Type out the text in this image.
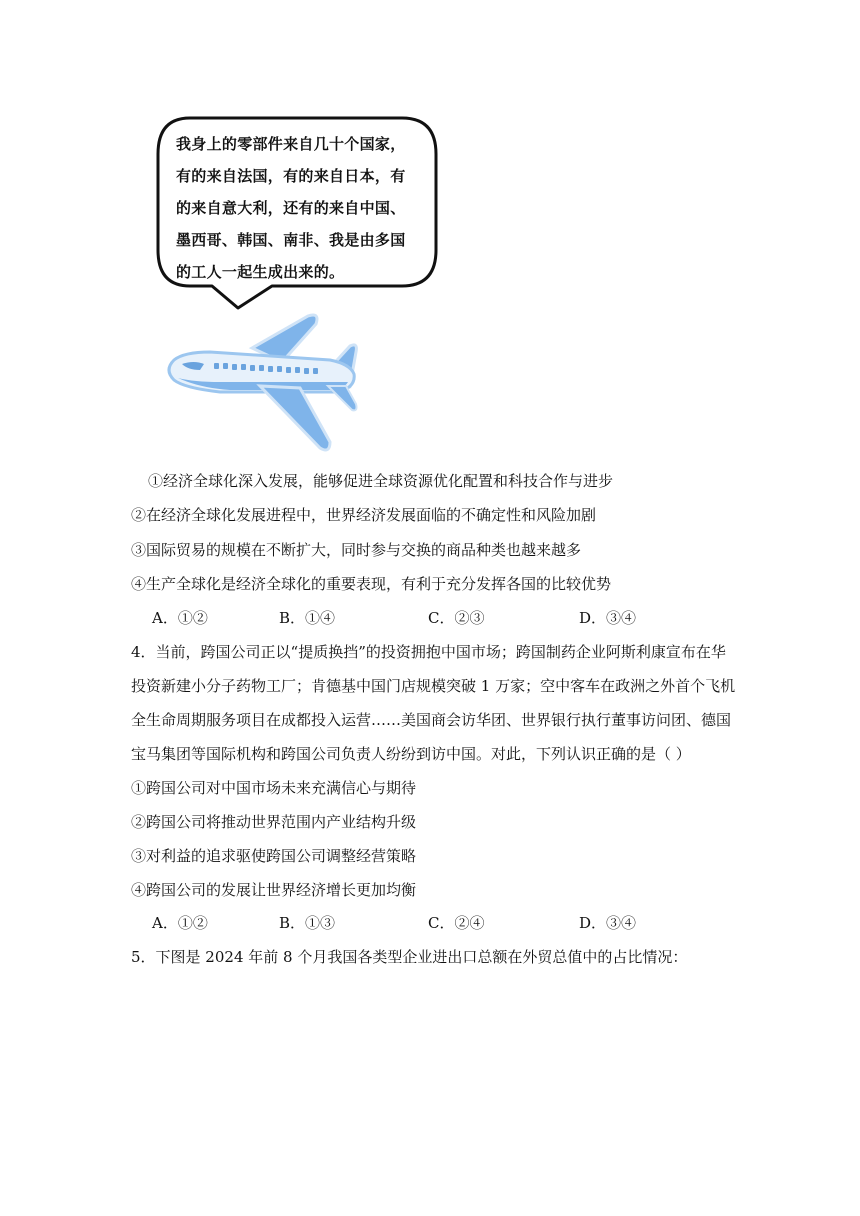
我身上的零部件来自几十个国家，
有的来自法国，有的来自日本，有
的来自意大利，还有的来自中国、
墨西哥、韩国、南非、我是由多国
的工人一起生成出来的。
①经济全球化深入发展，能够促进全球资源优化配置和科技合作与进步
②在经济全球化发展进程中，世界经济发展面临的不确定性和风险加剧
③国际贸易的规模在不断扩大，同时参与交换的商品种类也越来越多
④生产全球化是经济全球化的重要表现，有利于充分发挥各国的比较优势
A．①②	B．①④	C．②③	D．③④
4．当前，跨国公司正以“提质换挡”的投资拥抱中国市场；跨国制药企业阿斯利康宣布在华
投资新建小分子药物工厂；肯德基中国门店规模突破 1 万家；空中客车在政洲之外首个飞机
全生命周期服务项目在成都投入运营……美国商会访华团、世界银行执行董事访问团、德国
宝马集团等国际机构和跨国公司负责人纷纷到访中国。对此，下列认识正确的是（ ）
①跨国公司对中国市场未来充满信心与期待
②跨国公司将推动世界范围内产业结构升级
③对利益的追求驱使跨国公司调整经营策略
④跨国公司的发展让世界经济增长更加均衡
A．①②	B．①③	C．②④	D．③④
5．下图是 2024 年前 8 个月我国各类型企业进出口总额在外贸总值中的占比情况：
